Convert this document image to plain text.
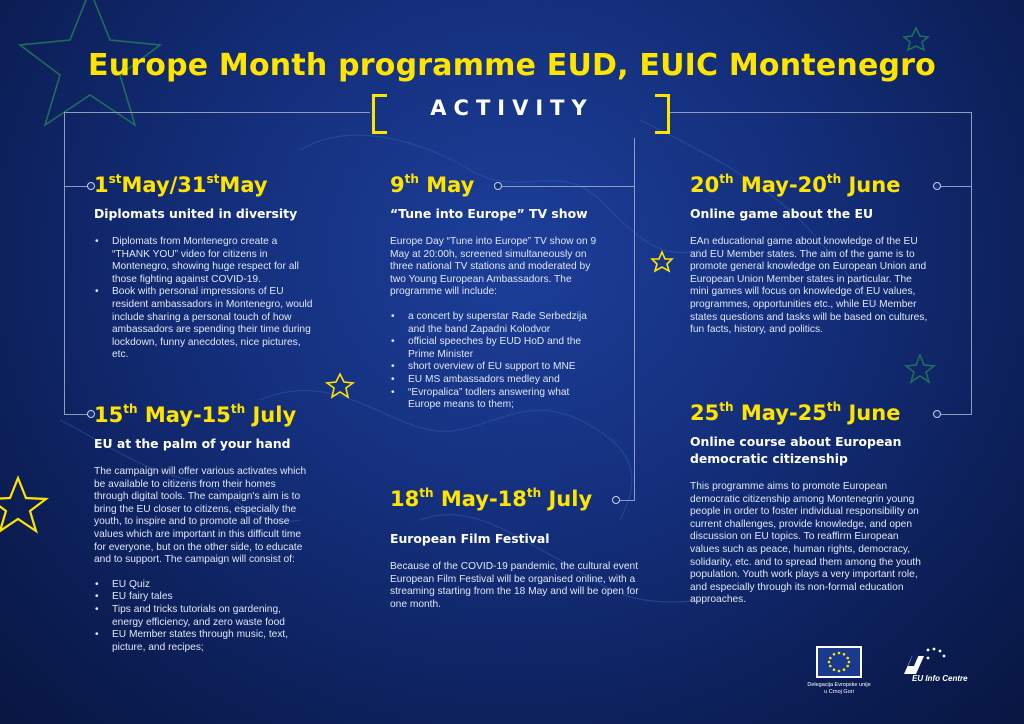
Europe Month programme EUD, EUIC Montenegro
ACTIVITY
1stMay/31stMay
Diplomats united in diversity
• Diplomats from Montenegro create a “THANK YOU” video for citizens in Montenegro, showing huge respect for all those fighting against COVID-19.
• Book with personal impressions of EU resident ambassadors in Montenegro, would include sharing a personal touch of how ambassadors are spending their time during lockdown, funny anecdotes, nice pictures, etc.
9th May
“Tune into Europe” TV show

Europe Day “Tune into Europe” TV show on 9 May at 20:00h, screened simultaneously on three national TV stations and moderated by two Young European Ambassadors. The programme will include:

• a concert by superstar Rade Serbedzija and the band Zapadni Kolodvor
• official speeches by EUD HoD and the Prime Minister
• short overview of EU support to MNE
• EU MS ambassadors medley and
• “Evropalica” todlers answering what Europe means to them;
20th May-20th June
Online game about the EU
EAn educational game about knowledge of the EU and EU Member states. The aim of the game is to promote general knowledge on European Union and European Union Member states in particular. The mini games will focus on knowledge of EU values, programmes, opportunities etc., while EU Member states questions and tasks will be based on cultures, fun facts, history, and politics.
15th May-15th July
EU at the palm of your hand

The campaign will offer various activates which be available to citizens from their homes through digital tools. The campaign's aim is to bring the EU closer to citizens, especially the youth, to inspire and to promote all of those values which are important in this difficult time for everyone, but on the other side, to educate and to support. The campaign will consist of:

• EU Quiz
• EU fairy tales
• Tips and tricks tutorials on gardening, energy efficiency, and zero waste food
• EU Member states through music, text, picture, and recipes;
18th May-18th July
European Film Festival
Because of the COVID-19 pandemic, the cultural event European Film Festival will be organised online, with a streaming starting from the 18 May and will be open for one month.
25th May-25th June
Online course about European democratic citizenship
This programme aims to promote European democratic citizenship among Montenegrin young people in order to foster individual responsibility on current challenges, provide knowledge, and open discussion on EU topics. To reaffirm European values such as peace, human rights, democracy, solidarity, etc. and to spread them among the youth population. Youth work plays a very important role, and especially through its non-formal education approaches.
Delegacija Evropske unije
u Crnoj Gori
EU Info Centre
